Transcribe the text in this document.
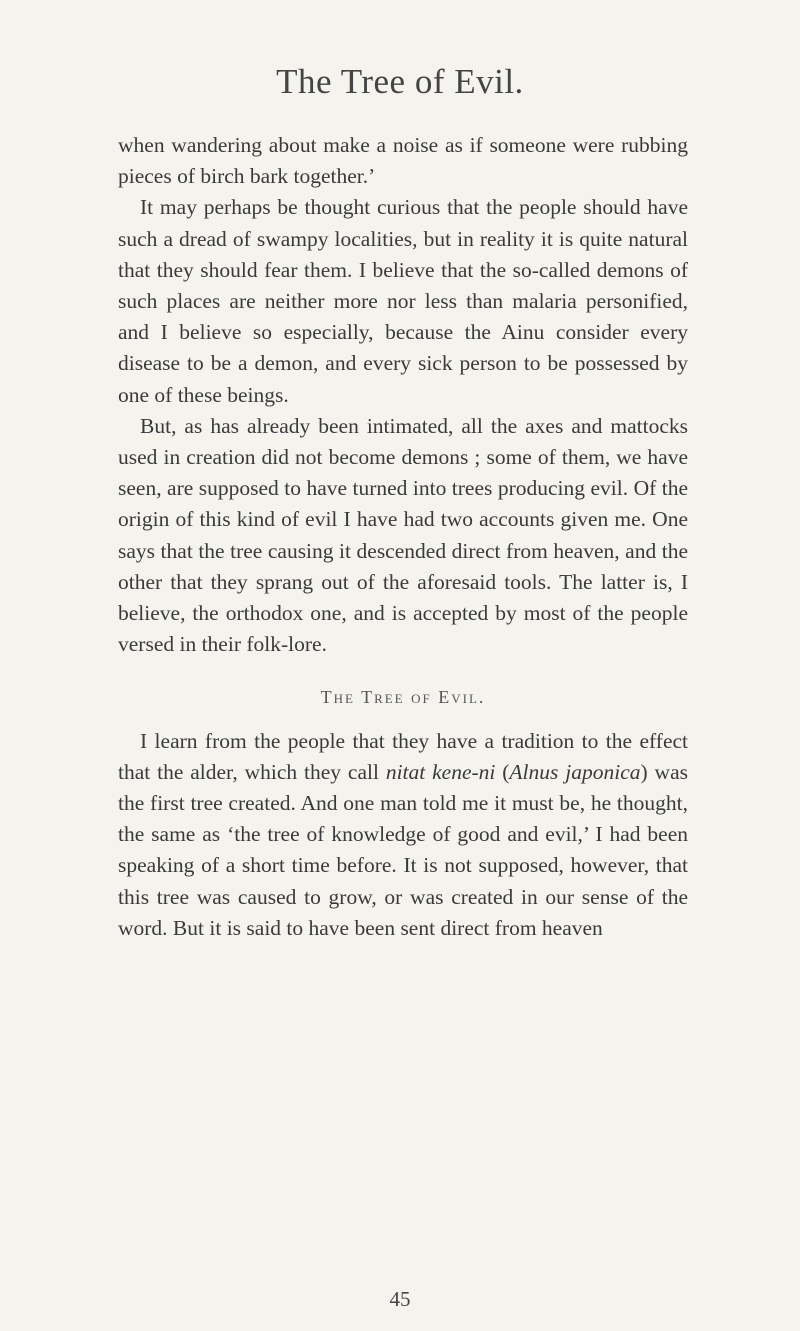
The Tree of Evil.

when wandering about make a noise as if someone were rubbing pieces of birch bark together.’

It may perhaps be thought curious that the people should have such a dread of swampy localities, but in reality it is quite natural that they should fear them. I believe that the so-called demons of such places are neither more nor less than malaria personified, and I believe so especially, because the Ainu consider every disease to be a demon, and every sick person to be possessed by one of these beings.

But, as has already been intimated, all the axes and mattocks used in creation did not become demons ; some of them, we have seen, are supposed to have turned into trees producing evil. Of the origin of this kind of evil I have had two accounts given me. One says that the tree causing it descended direct from heaven, and the other that they sprang out of the aforesaid tools. The latter is, I believe, the orthodox one, and is accepted by most of the people versed in their folk-lore.

The Tree of Evil.

I learn from the people that they have a tradition to the effect that the alder, which they call nitat kene-ni (Alnus japonica) was the first tree created. And one man told me it must be, he thought, the same as ‘the tree of knowledge of good and evil,’ I had been speaking of a short time before. It is not supposed, however, that this tree was caused to grow, or was created in our sense of the word. But it is said to have been sent direct from heaven

45
